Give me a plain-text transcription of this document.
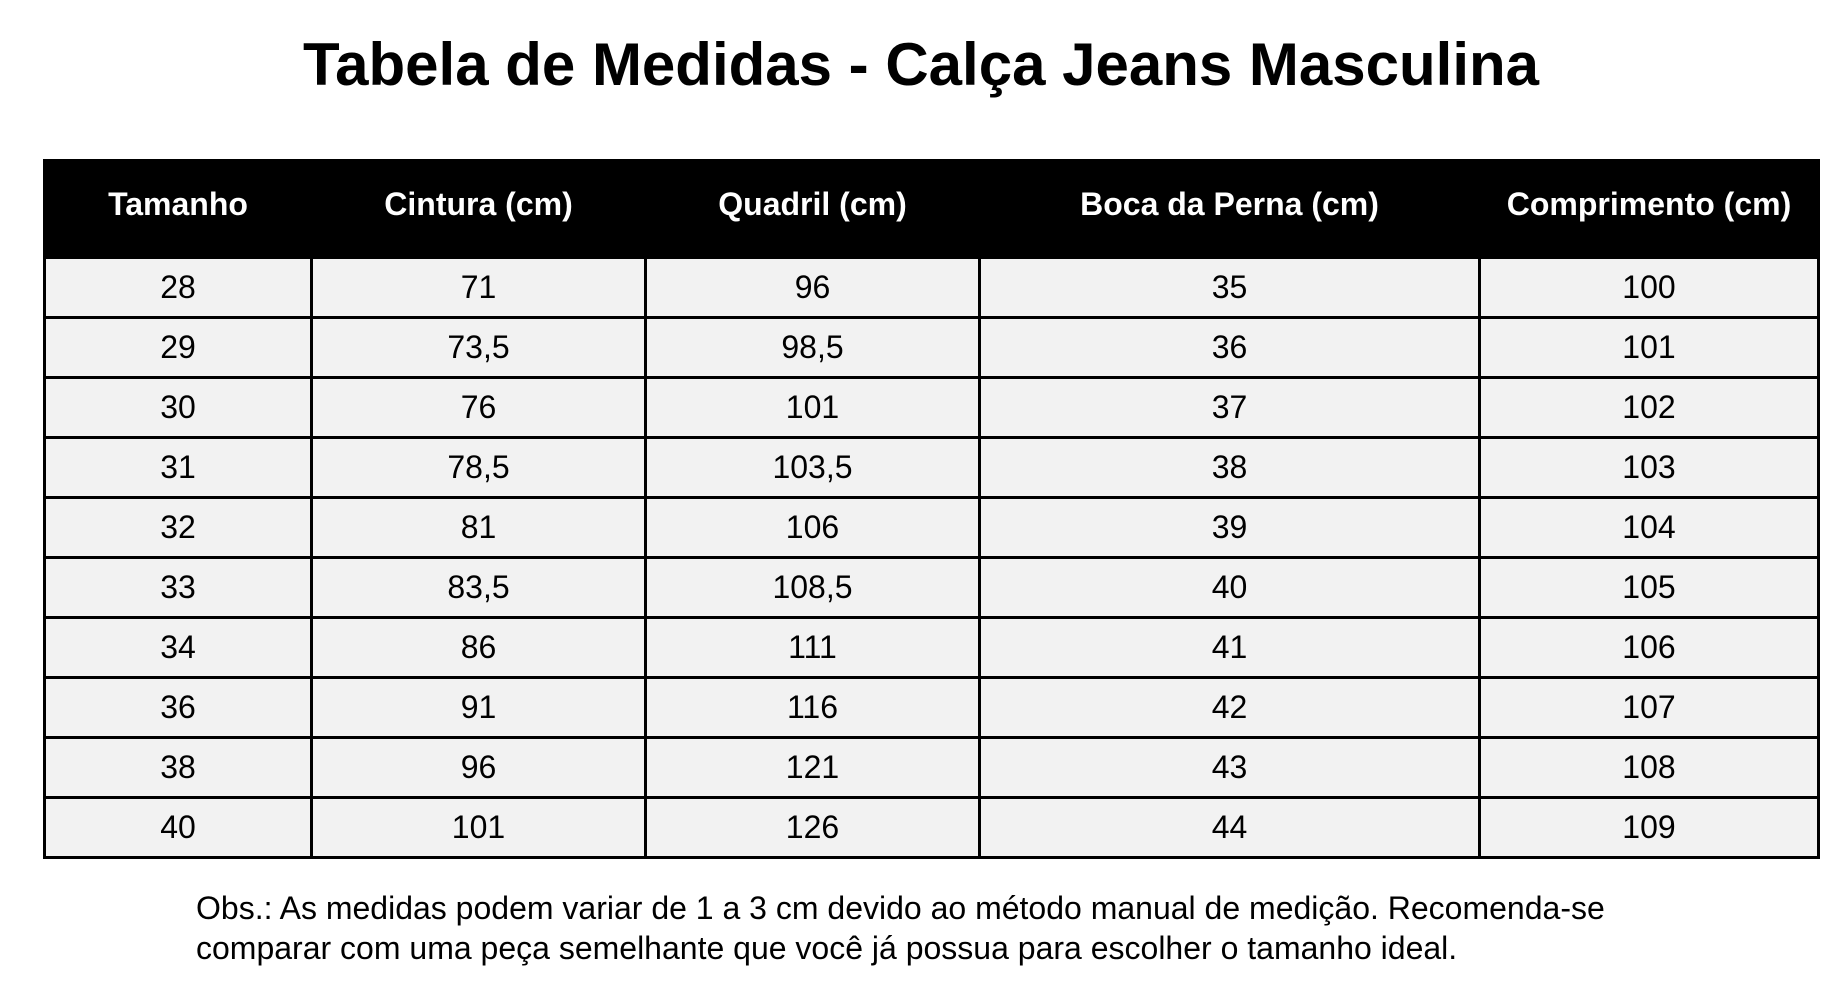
Tabela de Medidas - Calça Jeans Masculina
Tamanho	Cintura (cm)	Quadril (cm)	Boca da Perna (cm)	Comprimento (cm)
28	71	96	35	100
29	73,5	98,5	36	101
30	76	101	37	102
31	78,5	103,5	38	103
32	81	106	39	104
33	83,5	108,5	40	105
34	86	111	41	106
36	91	116	42	107
38	96	121	43	108
40	101	126	44	109

Obs.: As medidas podem variar de 1 a 3 cm devido ao método manual de medição. Recomenda-se comparar com uma peça semelhante que você já possua para escolher o tamanho ideal.
